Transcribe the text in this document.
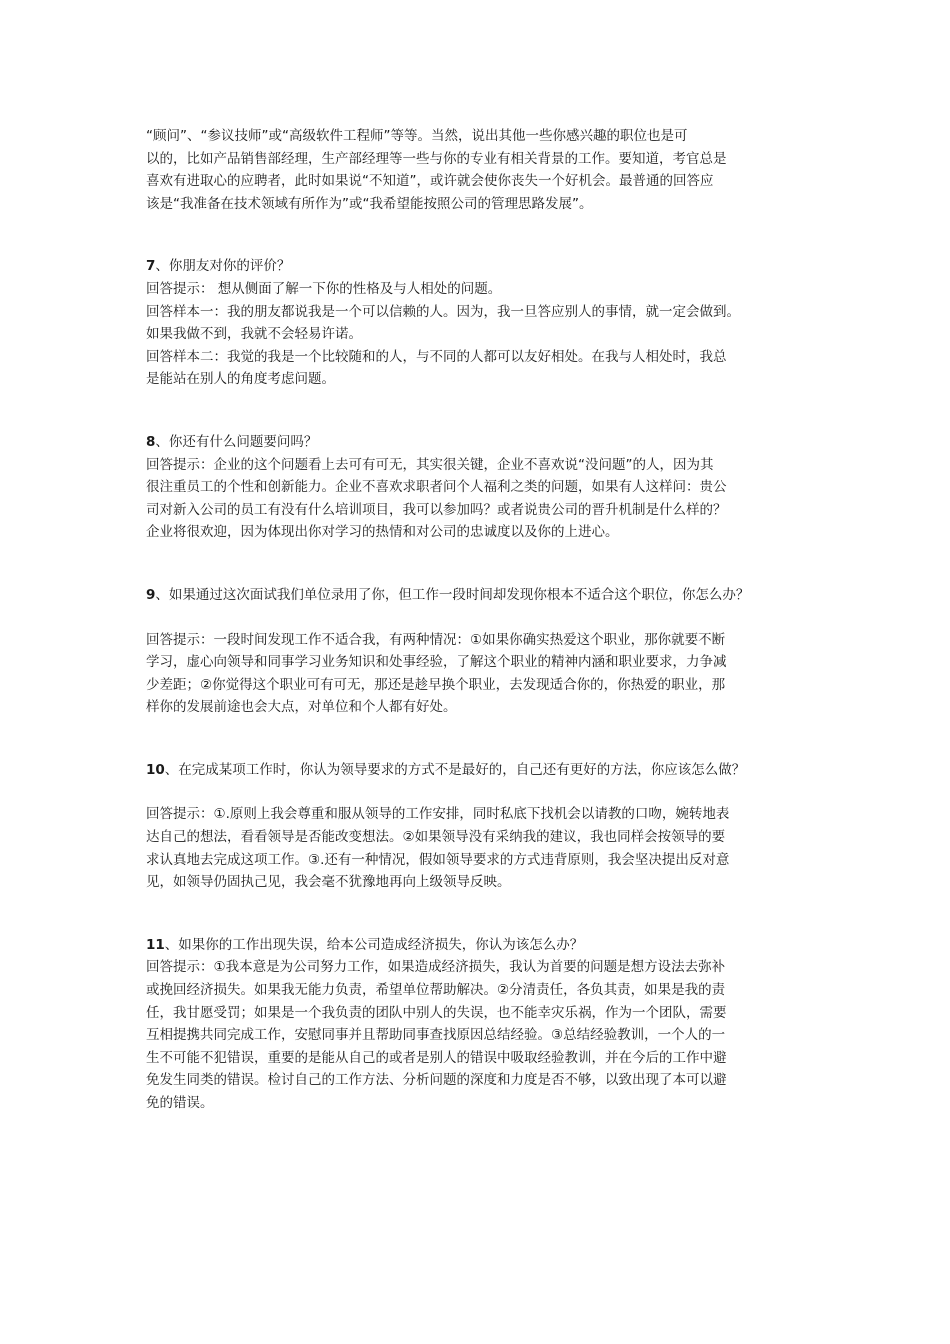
“顾问”、“参议技师”或“高级软件工程师”等等。当然，说出其他一些你感兴趣的职位也是可
以的，比如产品销售部经理，生产部经理等一些与你的专业有相关背景的工作。要知道，考官总是
喜欢有进取心的应聘者，此时如果说“不知道”，或许就会使你丧失一个好机会。最普通的回答应
该是“我准备在技术领域有所作为”或“我希望能按照公司的管理思路发展”。

7、你朋友对你的评价？

回答提示： 想从侧面了解一下你的性格及与人相处的问题。

回答样本一：我的朋友都说我是一个可以信赖的人。因为，我一旦答应别人的事情，就一定会做到。
如果我做不到，我就不会轻易许诺。

回答样本二：我觉的我是一个比较随和的人，与不同的人都可以友好相处。在我与人相处时，我总
是能站在别人的角度考虑问题。

8、你还有什么问题要问吗？

回答提示：企业的这个问题看上去可有可无，其实很关键，企业不喜欢说“没问题”的人，因为其
很注重员工的个性和创新能力。企业不喜欢求职者问个人福利之类的问题，如果有人这样问：贵公
司对新入公司的员工有没有什么培训项目，我可以参加吗？或者说贵公司的晋升机制是什么样的？
企业将很欢迎，因为体现出你对学习的热情和对公司的忠诚度以及你的上进心。

9、如果通过这次面试我们单位录用了你，但工作一段时间却发现你根本不适合这个职位，你怎么办？

回答提示：一段时间发现工作不适合我，有两种情况：①如果你确实热爱这个职业，那你就要不断
学习，虚心向领导和同事学习业务知识和处事经验，了解这个职业的精神内涵和职业要求，力争减
少差距；②你觉得这个职业可有可无，那还是趁早换个职业，去发现适合你的，你热爱的职业，那
样你的发展前途也会大点，对单位和个人都有好处。

10、在完成某项工作时，你认为领导要求的方式不是最好的，自己还有更好的方法，你应该怎么做？

回答提示：①.原则上我会尊重和服从领导的工作安排，同时私底下找机会以请教的口吻，婉转地表
达自己的想法，看看领导是否能改变想法。②如果领导没有采纳我的建议，我也同样会按领导的要
求认真地去完成这项工作。③.还有一种情况，假如领导要求的方式违背原则，我会坚决提出反对意
见，如领导仍固执己见，我会毫不犹豫地再向上级领导反映。

11、如果你的工作出现失误，给本公司造成经济损失，你认为该怎么办？

回答提示：①我本意是为公司努力工作，如果造成经济损失，我认为首要的问题是想方设法去弥补
或挽回经济损失。如果我无能力负责，希望单位帮助解决。②分清责任，各负其责，如果是我的责
任，我甘愿受罚；如果是一个我负责的团队中别人的失误，也不能幸灾乐祸，作为一个团队，需要
互相提携共同完成工作，安慰同事并且帮助同事查找原因总结经验。③总结经验教训，一个人的一
生不可能不犯错误，重要的是能从自己的或者是别人的错误中吸取经验教训，并在今后的工作中避
免发生同类的错误。检讨自己的工作方法、分析问题的深度和力度是否不够，以致出现了本可以避
免的错误。
